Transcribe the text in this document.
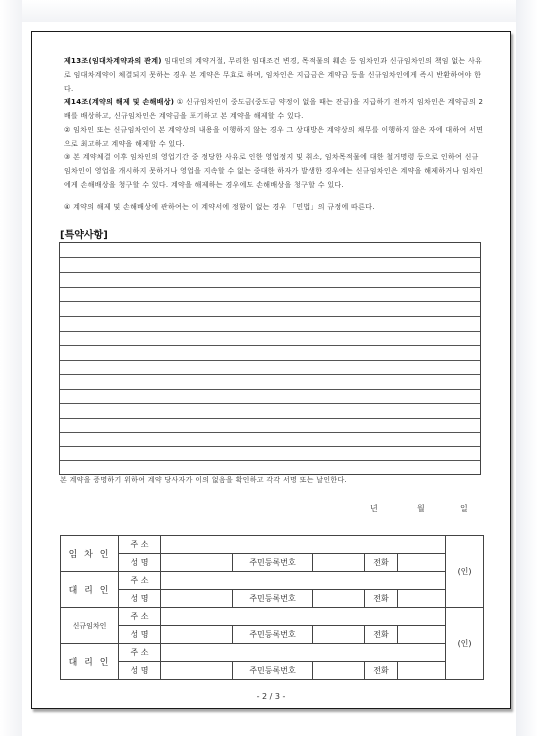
제13조(임대차계약과의 관계) 임대인의 계약거절, 무리한 임대조건 변경, 목적물의 훼손 등 임차인과 신규임차인의 책임 없는 사유로 임대차계약이 체결되지 못하는 경우 본 계약은 무효로 하며, 임차인은 지급금은 계약금 등을 신규임차인에게 즉시 반환하여야 한다.
제14조(계약의 해제 및 손해배상) ① 신규임차인이 중도금(중도금 약정이 없을 때는 잔금)을 지급하기 전까지 임차인은 계약금의 2배를 배상하고, 신규임차인은 계약금을 포기하고 본 계약을 해제할 수 있다.
② 임차인 또는 신규임차인이 본 계약상의 내용을 이행하지 않는 경우 그 상대방은 계약상의 채무를 이행하지 않은 자에 대하여 서면으로 최고하고 계약을 해제할 수 있다.
③ 본 계약체결 이후 임차인의 영업기간 중 정당한 사유로 인한 영업정지 및 취소, 임차목적물에 대한 철거명령 등으로 인하여 신규임차인이 영업을 개시하지 못하거나 영업을 지속할 수 없는 중대한 하자가 발생한 경우에는 신규임차인은 계약을 해제하거나 임차인에게 손해배상을 청구할 수 있다. 계약을 해제하는 경우에도 손해배상을 청구할 수 있다.
④ 계약의 해제 및 손해배상에 관하여는 이 계약서에 정함이 없는 경우 「민법」의 규정에 따른다.
[특약사항]
본 계약을 증명하기 위하여 계약 당사자가 이의 없음을 확인하고 각각 서명 또는 날인한다.
년	월	일
임 차 인	주 소						(인)
	성 명		주민등록번호		전화		
대 리 인	주 소						
	성 명		주민등록번호		전화		
신규임차인	주 소						(인)
	성 명		주민등록번호		전화		
대 리 인	주 소						
	성 명		주민등록번호		전화		
- 2 / 3 -
